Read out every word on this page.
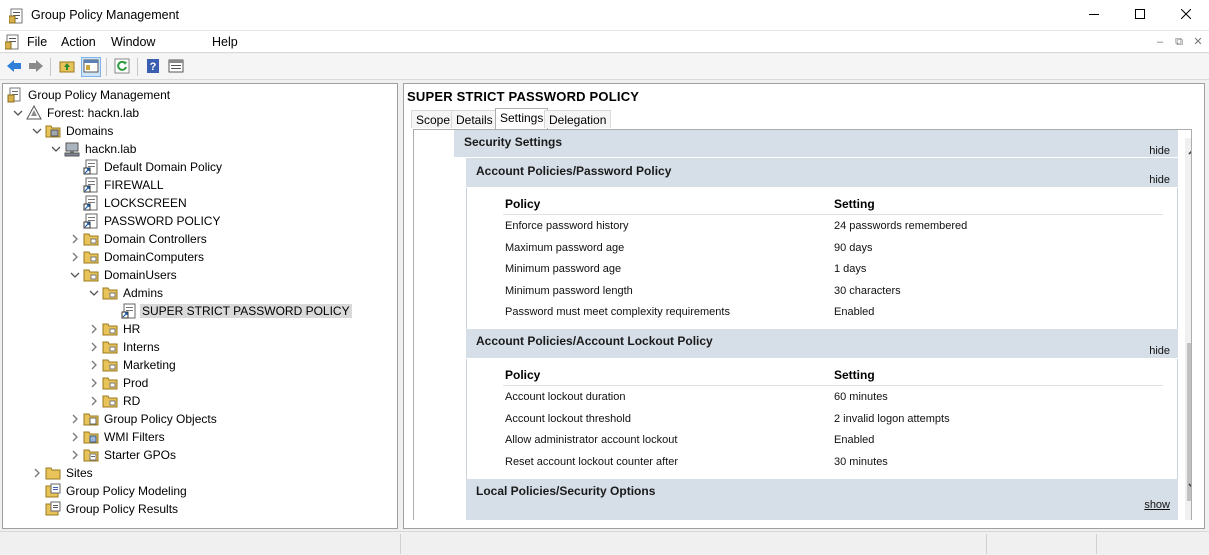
Group Policy Management
File Action Window	Help	–	⧉ ✕
?
Group Policy Management
Forest: hackn.lab
Domains
hackn.lab
Default Domain Policy
FIREWALL
LOCKSCREEN
PASSWORD POLICY
Domain Controllers
DomainComputers
DomainUsers
Admins
SUPER STRICT PASSWORD POLICY
HR
Interns
Marketing
Prod
RD
Group Policy Objects
WMI Filters
Starter GPOs
Sites
Group Policy Modeling
Group Policy Results
SUPER STRICT PASSWORD POLICY
Scope Details Settings Delegation
Security Settings
hide
Account Policies/Password Policy
hide
Policy	Setting
Enforce password history	24 passwords remembered
Maximum password age	90 days
Minimum password age	1 days
Minimum password length	30 characters
Password must meet complexity requirements	Enabled
Account Policies/Account Lockout Policy
hide
Policy	Setting
Account lockout duration	60 minutes
Account lockout threshold	2 invalid logon attempts
Allow administrator account lockout	Enabled
Reset account lockout counter after	30 minutes
Local Policies/Security Options
show
